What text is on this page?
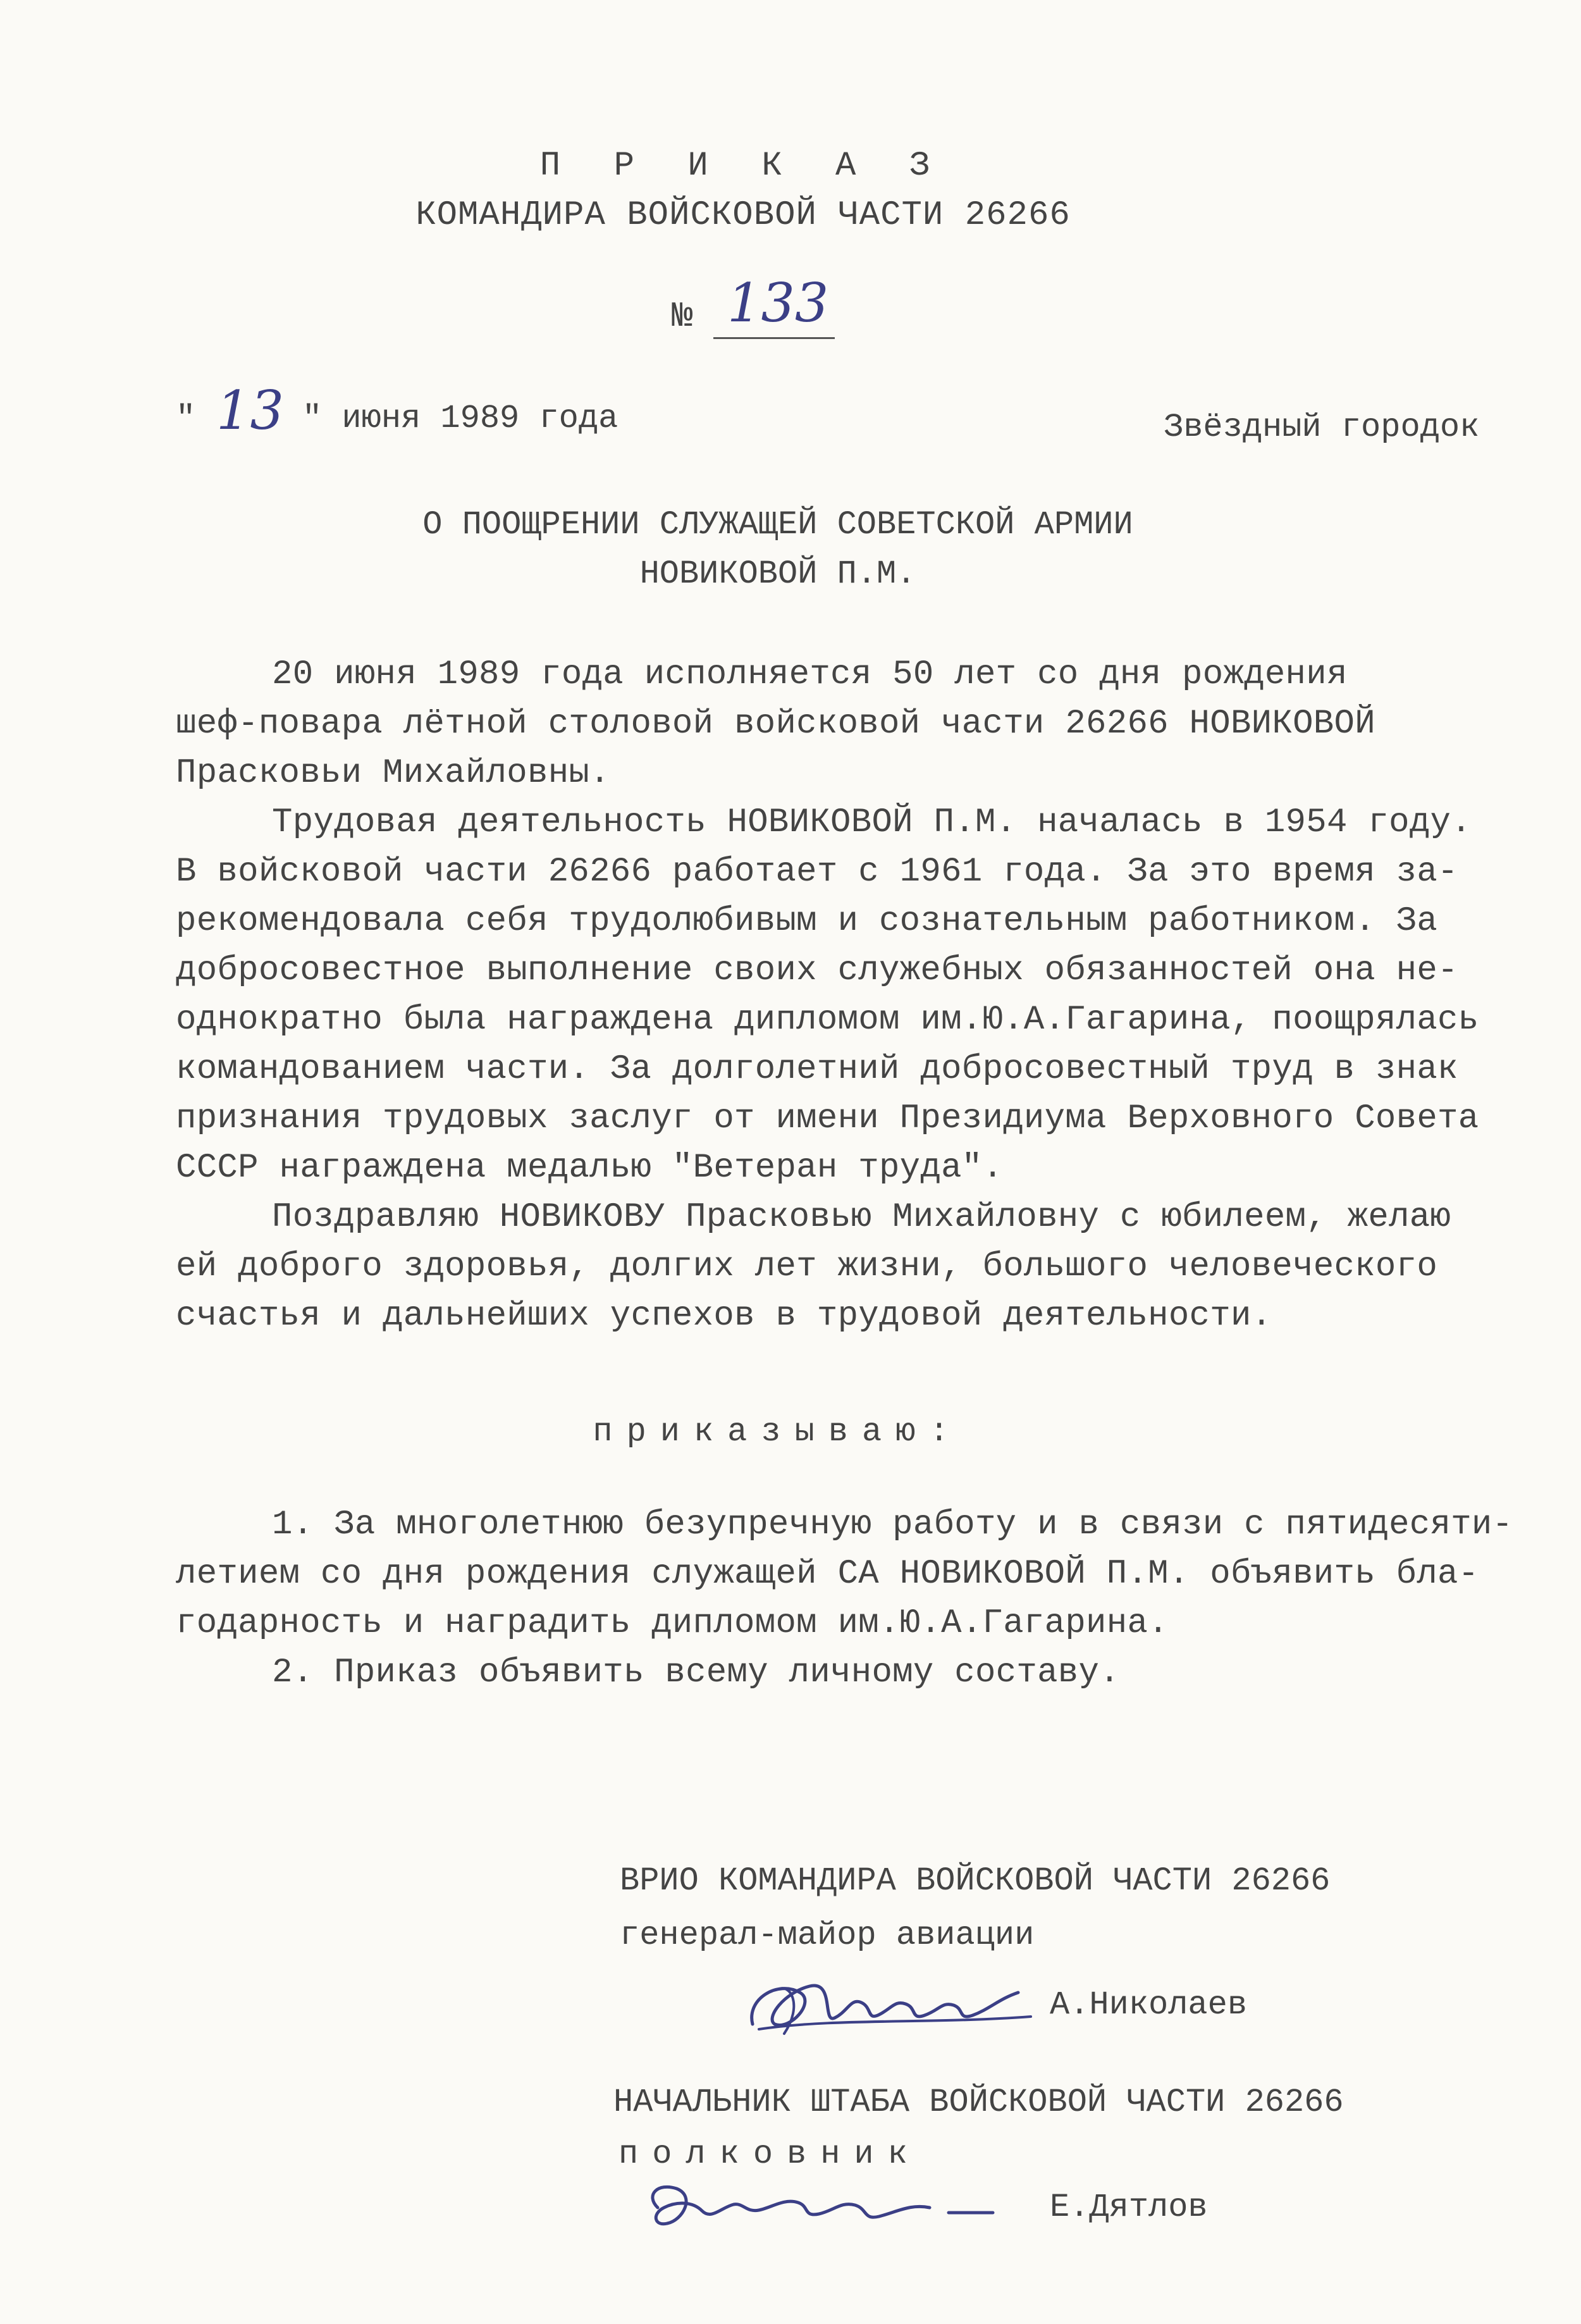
П Р И К А З
КОМАНДИРА ВОЙСКОВОЙ ЧАСТИ 26266
№ 133
" 13 " июня 1989 года	Звёздный городок
О ПООЩРЕНИИ СЛУЖАЩЕЙ СОВЕТСКОЙ АРМИИ
НОВИКОВОЙ П.М.
20 июня 1989 года исполняется 50 лет со дня рождения
шеф-повара лётной столовой войсковой части 26266 НОВИКОВОЙ
Прасковьи Михайловны.
Трудовая деятельность НОВИКОВОЙ П.М. началась в 1954 году.
В войсковой части 26266 работает с 1961 года. За это время за-
рекомендовала себя трудолюбивым и сознательным работником. За
добросовестное выполнение своих служебных обязанностей она не-
однократно была награждена дипломом им.Ю.А.Гагарина, поощрялась
командованием части. За долголетний добросовестный труд в знак
признания трудовых заслуг от имени Президиума Верховного Совета
СССР награждена медалью "Ветеран труда".
Поздравляю НОВИКОВУ Прасковью Михайловну с юбилеем, желаю
ей доброго здоровья, долгих лет жизни, большого человеческого
счастья и дальнейших успехов в трудовой деятельности.
приказываю:
1. За многолетнюю безупречную работу и в связи с пятидесяти-
летием со дня рождения служащей СА НОВИКОВОЙ П.М. объявить бла-
годарность и наградить дипломом им.Ю.А.Гагарина.
2. Приказ объявить всему личному составу.
ВРИО КОМАНДИРА ВОЙСКОВОЙ ЧАСТИ 26266
генерал-майор авиации
А.Николаев
НАЧАЛЬНИК ШТАБА ВОЙСКОВОЙ ЧАСТИ 26266
полковник
Е.Дятлов
